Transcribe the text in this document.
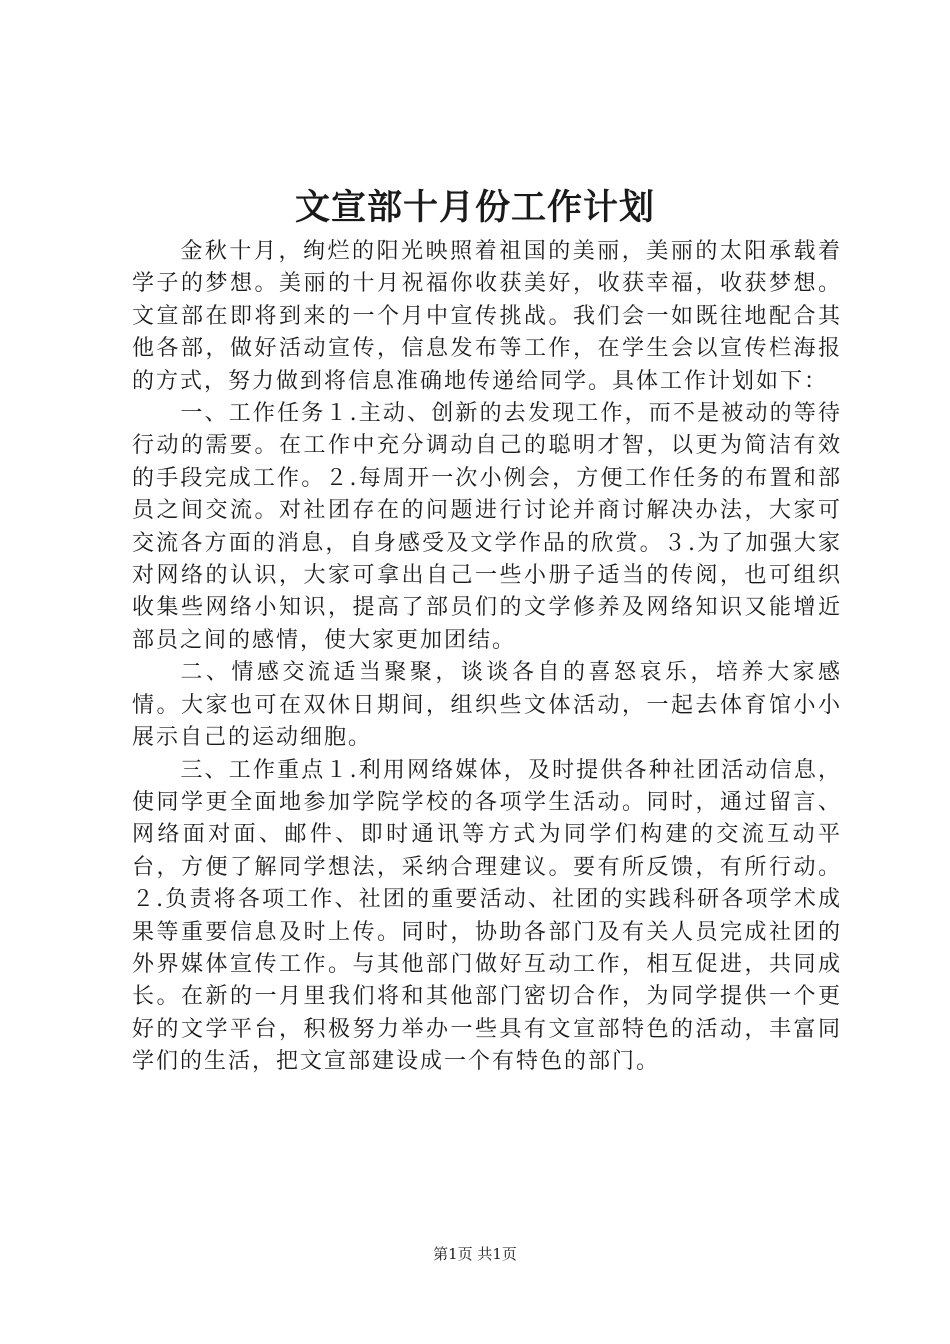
文宣部十月份工作计划

金秋十月，绚烂的阳光映照着祖国的美丽，美丽的太阳承载着学子的梦想。美丽的十月祝福你收获美好，收获幸福，收获梦想。文宣部在即将到来的一个月中宣传挑战。我们会一如既往地配合其他各部，做好活动宣传，信息发布等工作，在学生会以宣传栏海报的方式，努力做到将信息准确地传递给同学。具体工作计划如下：

一、工作任务１.主动、创新的去发现工作，而不是被动的等待行动的需要。在工作中充分调动自己的聪明才智，以更为简洁有效的手段完成工作。２.每周开一次小例会，方便工作任务的布置和部员之间交流。对社团存在的问题进行讨论并商讨解决办法，大家可交流各方面的消息，自身感受及文学作品的欣赏。３.为了加强大家对网络的认识，大家可拿出自己一些小册子适当的传阅，也可组织收集些网络小知识，提高了部员们的文学修养及网络知识又能增近部员之间的感情，使大家更加团结。

二、情感交流适当聚聚，谈谈各自的喜怒哀乐，培养大家感情。大家也可在双休日期间，组织些文体活动，一起去体育馆小小展示自己的运动细胞。

三、工作重点１.利用网络媒体，及时提供各种社团活动信息，使同学更全面地参加学院学校的各项学生活动。同时，通过留言、网络面对面、邮件、即时通讯等方式为同学们构建的交流互动平台，方便了解同学想法，采纳合理建议。要有所反馈，有所行动。２.负责将各项工作、社团的重要活动、社团的实践科研各项学术成果等重要信息及时上传。同时，协助各部门及有关人员完成社团的外界媒体宣传工作。与其他部门做好互动工作，相互促进，共同成长。在新的一月里我们将和其他部门密切合作，为同学提供一个更好的文学平台，积极努力举办一些具有文宣部特色的活动，丰富同学们的生活，把文宣部建设成一个有特色的部门。

第1页 共1页
